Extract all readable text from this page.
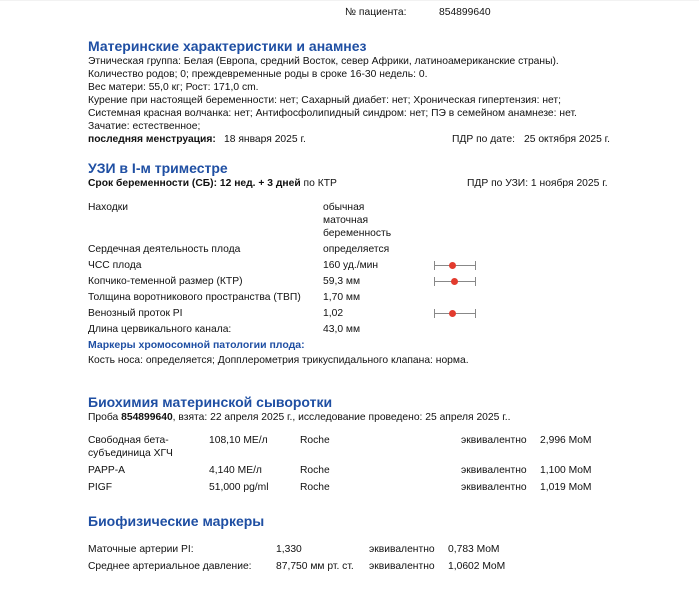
№ пациента:	854899640
Материнские характеристики и анамнез
Этническая группа: Белая (Европа, средний Восток, север Африки, латиноамериканские страны).
Количество родов; 0; преждевременные роды в сроке 16-30 недель: 0.
Вес матери: 55,0 кг; Рост: 171,0 cm.
Курение при настоящей беременности: нет; Сахарный диабет: нет; Хроническая гипертензия: нет;
Системная красная волчанка: нет; Антифосфолипидный синдром: нет; ПЭ в семейном анамнезе: нет.
Зачатие: естественное;
последняя менструация: 18 января 2025 г.	ПДР по дате: 25 октября 2025 г.
УЗИ в I-м триместре
Срок беременности (СБ): 12 нед. + 3 дней по КТР	ПДР по УЗИ: 1 ноября 2025 г.
Находки	обычная маточная беременность
Сердечная деятельность плода	определяется
ЧСС плода	160 уд./мин
Копчико-теменной размер (КТР)	59,3 мм
Толщина воротникового пространства (ТВП) 1,70 мм
Венозный проток PI	1,02
Длина цервикального канала:	43,0 мм
Маркеры хромосомной патологии плода:
Кость носа: определяется; Допплерометрия трикуспидального клапана: норма.
Биохимия материнской сыворотки
Проба 854899640, взята: 22 апреля 2025 г., исследование проведено: 25 апреля 2025 г..
Свободная бета-субъединица ХГЧ
108,10 ME/л	Roche	эквивалентно 2,996 MoM
PAPP-A	4,140 ME/л	Roche	эквивалентно 1,100 MoM
PIGF	51,000 pg/ml	Roche	эквивалентно 1,019 MoM
Биофизические маркеры
Маточные артерии PI:	1,330	эквивалентно 0,783 MoM
Среднее артериальное давление: 87,750 мм рт. ст. эквивалентно 1,0602 MoM
